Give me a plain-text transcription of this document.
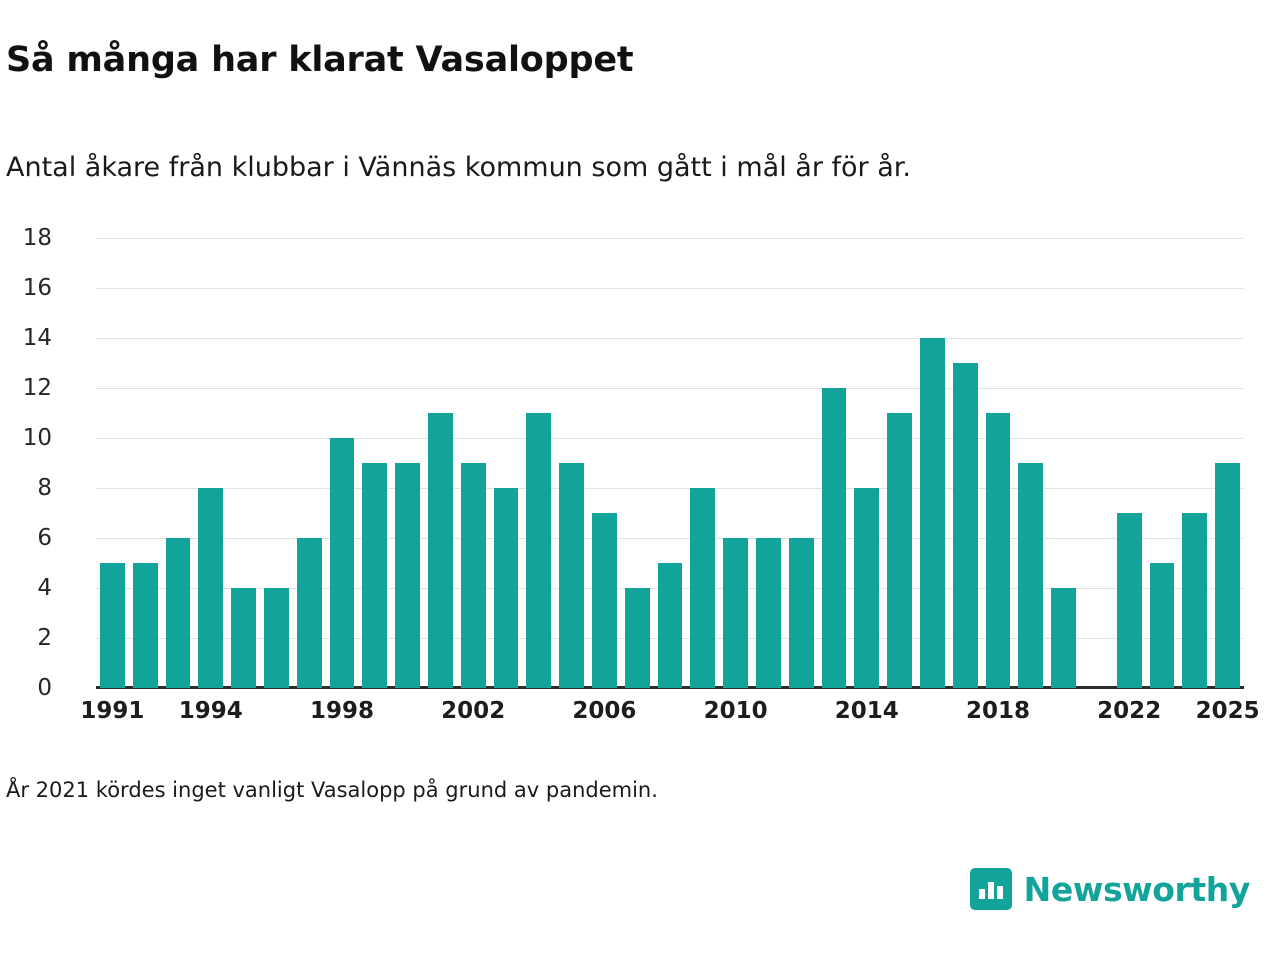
Så många har klarat Vasaloppet
Antal åkare från klubbar i Vännäs kommun som gått i mål år för år.
0
2
4
6
8
10
12
14
16
18
1991 1994	1998	2002	2006	2010	2014	2018	2022 2025
År 2021 kördes inget vanligt Vasalopp på grund av pandemin.
Newsworthy
